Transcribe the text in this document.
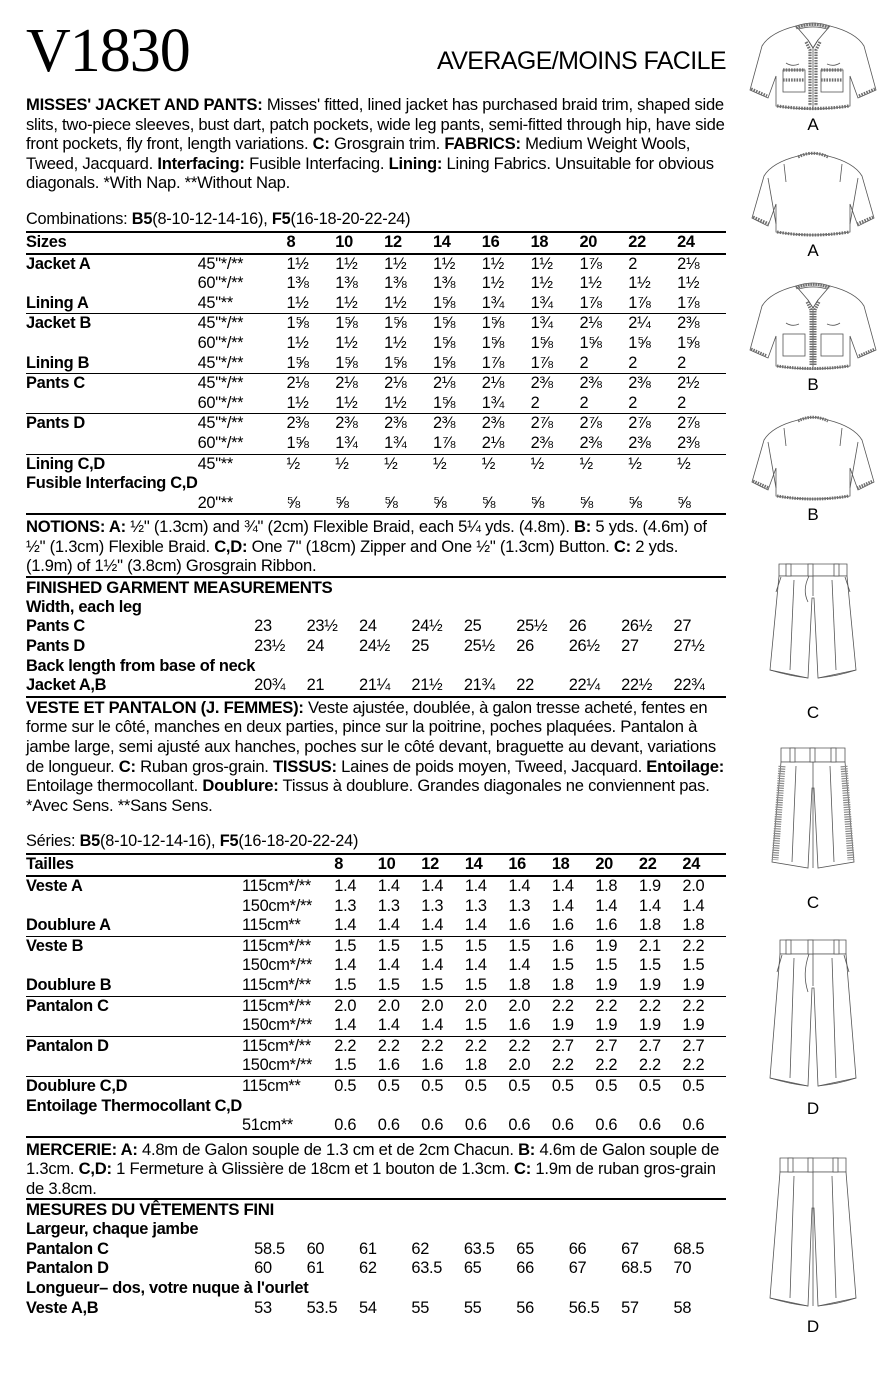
V1830	AVERAGE/MOINS FACILE
MISSES' JACKET AND PANTS: Misses' fitted, lined jacket has purchased braid trim, shaped side slits, two-piece sleeves, bust dart, patch pockets, wide leg pants, semi-fitted through hip, have side front pockets, fly front, length variations. C: Grosgrain trim. FABRICS: Medium Weight Wools, Tweed, Jacquard. Interfacing: Fusible Interfacing. Lining: Lining Fabrics. Unsuitable for obvious diagonals. *With Nap. **Without Nap.
Combinations: B5(8-10-12-14-16), F5(16-18-20-22-24)
Sizes		8	10	12	14	16	18	20	22	24
Jacket A	45"*/**	1½	1½	1½	1½	1½	1½	1⅞	2	2⅛
	60"*/**	1⅜	1⅜	1⅜	1⅜	1½	1½	1½	1½	1½
Lining A	45"**	1½	1½	1½	1⅝	1¾	1¾	1⅞	1⅞	1⅞
Jacket B	45"*/**	1⅝	1⅝	1⅝	1⅝	1⅝	1¾	2⅛	2¼	2⅜
	60"*/**	1½	1½	1½	1⅝	1⅝	1⅝	1⅝	1⅝	1⅝
Lining B	45"*/**	1⅝	1⅝	1⅝	1⅝	1⅞	1⅞	2	2	2
Pants C	45"*/**	2⅛	2⅛	2⅛	2⅛	2⅛	2⅜	2⅜	2⅜	2½
	60"*/**	1½	1½	1½	1⅝	1¾	2	2	2	2
Pants D	45"*/**	2⅜	2⅜	2⅜	2⅜	2⅜	2⅞	2⅞	2⅞	2⅞
	60"*/**	1⅝	1¾	1¾	1⅞	2⅛	2⅜	2⅜	2⅜	2⅜
Lining C,D	45"**	½	½	½	½	½	½	½	½	½
Fusible Interfacing C,D										
	20"**	⅝	⅝	⅝	⅝	⅝	⅝	⅝	⅝	⅝
NOTIONS: A: ½" (1.3cm) and ¾" (2cm) Flexible Braid, each 5¼ yds. (4.8m). B: 5 yds. (4.6m) of ½" (1.3cm) Flexible Braid. C,D: One 7" (18cm) Zipper and One ½" (1.3cm) Button. C: 2 yds. (1.9m) of 1½" (3.8cm) Grosgrain Ribbon.
FINISHED GARMENT MEASUREMENTS
Width, each leg									
Pants C	23	23½	24	24½	25	25½	26	26½	27
Pants D	23½	24	24½	25	25½	26	26½	27	27½
Back length from base of neck									
Jacket A,B	20¾	21	21¼	21½	21¾	22	22¼	22½	22¾
VESTE ET PANTALON (J. FEMMES): Veste ajustée, doublée, à galon tresse acheté, fentes en forme sur le côté, manches en deux parties, pince sur la poitrine, poches plaquées. Pantalon à jambe large, semi ajusté aux hanches, poches sur le côté devant, braguette au devant, variations de longueur. C: Ruban gros-grain. TISSUS: Laines de poids moyen, Tweed, Jacquard. Entoilage: Entoilage thermocollant. Doublure: Tissus à doublure. Grandes diagonales ne conviennent pas. *Avec Sens. **Sans Sens.
Séries: B5(8-10-12-14-16), F5(16-18-20-22-24)
Tailles		8	10	12	14	16	18	20	22	24
Veste A	115cm*/**	1.4	1.4	1.4	1.4	1.4	1.4	1.8	1.9	2.0
	150cm*/**	1.3	1.3	1.3	1.3	1.3	1.4	1.4	1.4	1.4
Doublure A	115cm**	1.4	1.4	1.4	1.4	1.6	1.6	1.6	1.8	1.8
Veste B	115cm*/**	1.5	1.5	1.5	1.5	1.5	1.6	1.9	2.1	2.2
	150cm*/**	1.4	1.4	1.4	1.4	1.4	1.5	1.5	1.5	1.5
Doublure B	115cm*/**	1.5	1.5	1.5	1.5	1.8	1.8	1.9	1.9	1.9
Pantalon C	115cm*/**	2.0	2.0	2.0	2.0	2.0	2.2	2.2	2.2	2.2
	150cm*/**	1.4	1.4	1.4	1.5	1.6	1.9	1.9	1.9	1.9
Pantalon D	115cm*/**	2.2	2.2	2.2	2.2	2.2	2.7	2.7	2.7	2.7
	150cm*/**	1.5	1.6	1.6	1.8	2.0	2.2	2.2	2.2	2.2
Doublure C,D	115cm**	0.5	0.5	0.5	0.5	0.5	0.5	0.5	0.5	0.5
Entoilage Thermocollant C,D										
	51cm**	0.6	0.6	0.6	0.6	0.6	0.6	0.6	0.6	0.6
MERCERIE: A: 4.8m de Galon souple de 1.3 cm et de 2cm Chacun. B: 4.6m de Galon souple de 1.3cm. C,D: 1 Fermeture à Glissière de 18cm et 1 bouton de 1.3cm. C: 1.9m de ruban gros-grain de 3.8cm.
MESURES DU VÊTEMENTS FINI
Largeur, chaque jambe									
Pantalon C	58.5	60	61	62	63.5	65	66	67	68.5
Pantalon D	60	61	62	63.5	65	66	67	68.5	70
Longueur– dos, votre nuque à l'ourlet									
Veste A,B	53	53.5	54	55	55	56	56.5	57	58
A
A
B
B
C
C
D
D
